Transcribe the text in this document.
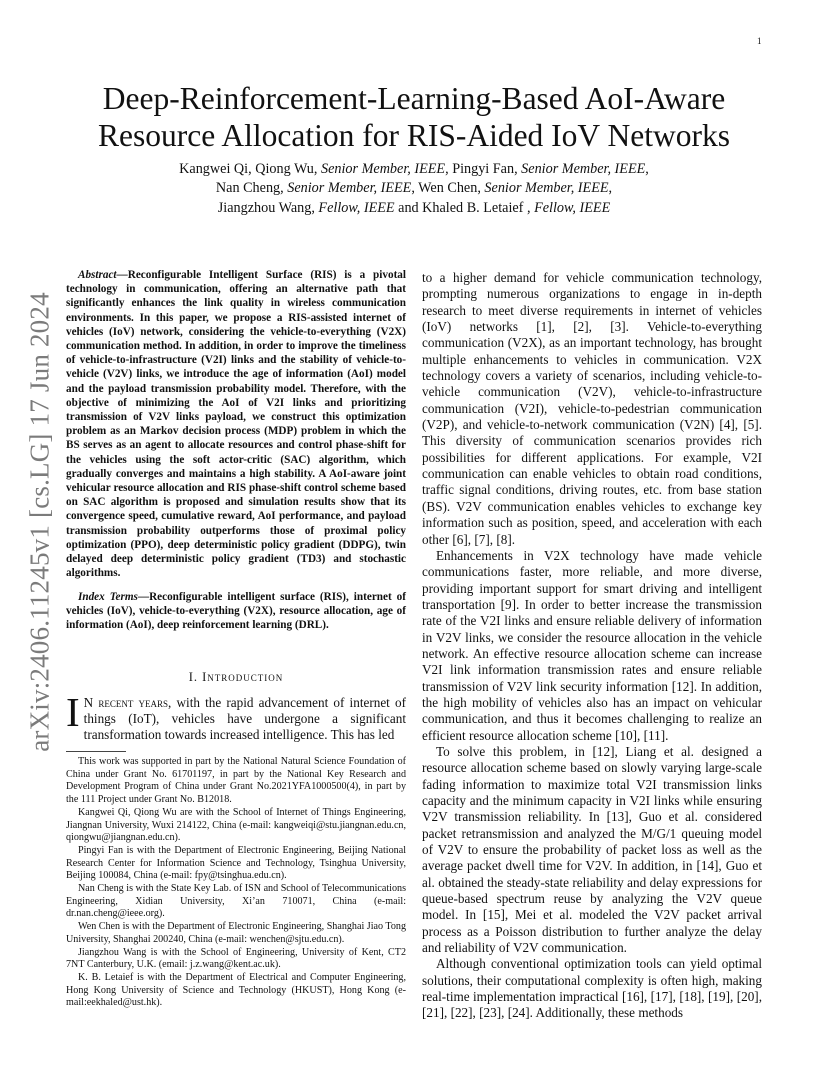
1
arXiv:2406.11245v1 [cs.LG] 17 Jun 2024
Deep-Reinforcement-Learning-Based AoI-Aware Resource Allocation for RIS-Aided IoV Networks
Kangwei Qi, Qiong Wu, Senior Member, IEEE, Pingyi Fan, Senior Member, IEEE,
Nan Cheng, Senior Member, IEEE, Wen Chen, Senior Member, IEEE,
Jiangzhou Wang, Fellow, IEEE and Khaled B. Letaief , Fellow, IEEE
Abstract—Reconfigurable Intelligent Surface (RIS) is a pivotal technology in communication, offering an alternative path that significantly enhances the link quality in wireless communication environments. In this paper, we propose a RIS-assisted internet of vehicles (IoV) network, considering the vehicle-to-everything (V2X) communication method. In addition, in order to improve the timeliness of vehicle-to-infrastructure (V2I) links and the stability of vehicle-to-vehicle (V2V) links, we introduce the age of information (AoI) model and the payload transmission probability model. Therefore, with the objective of minimizing the AoI of V2I links and prioritizing transmission of V2V links payload, we construct this optimization problem as an Markov decision process (MDP) problem in which the BS serves as an agent to allocate resources and control phase-shift for the vehicles using the soft actor-critic (SAC) algorithm, which gradually converges and maintains a high stability. A AoI-aware joint vehicular resource allocation and RIS phase-shift control scheme based on SAC algorithm is proposed and simulation results show that its convergence speed, cumulative reward, AoI performance, and payload transmission probability outperforms those of proximal policy optimization (PPO), deep deterministic policy gradient (DDPG), twin delayed deep deterministic policy gradient (TD3) and stochastic algorithms.
Index Terms—Reconfigurable intelligent surface (RIS), internet of vehicles (IoV), vehicle-to-everything (V2X), resource allocation, age of information (AoI), deep reinforcement learning (DRL).
I. Introduction
I N recent years, with the rapid advancement of internet of things (IoT), vehicles have undergone a significant transformation towards increased intelligence. This has led

This work was supported in part by the National Natural Science Foundation of China under Grant No. 61701197, in part by the National Key Research and Development Program of China under Grant No.2021YFA1000500(4), in part by the 111 Project under Grant No. B12018.

Kangwei Qi, Qiong Wu are with the School of Internet of Things Engineering, Jiangnan University, Wuxi 214122, China (e-mail: kangweiqi@stu.jiangnan.edu.cn, qiongwu@jiangnan.edu.cn).

Pingyi Fan is with the Department of Electronic Engineering, Beijing National Research Center for Information Science and Technology, Tsinghua University, Beijing 100084, China (e-mail: fpy@tsinghua.edu.cn).

Nan Cheng is with the State Key Lab. of ISN and School of Telecommunications Engineering, Xidian University, Xi’an 710071, China (e-mail: dr.nan.cheng@ieee.org).

Wen Chen is with the Department of Electronic Engineering, Shanghai Jiao Tong University, Shanghai 200240, China (e-mail: wenchen@sjtu.edu.cn).

Jiangzhou Wang is with the School of Engineering, University of Kent, CT2 7NT Canterbury, U.K. (email: j.z.wang@kent.ac.uk).

K. B. Letaief is with the Department of Electrical and Computer Engineering, Hong Kong University of Science and Technology (HKUST), Hong Kong (e-mail:eekhaled@ust.hk).

to a higher demand for vehicle communication technology, prompting numerous organizations to engage in in-depth research to meet diverse requirements in internet of vehicles (IoV) networks [1], [2], [3]. Vehicle-to-everything communication (V2X), as an important technology, has brought multiple enhancements to vehicles in communication. V2X technology covers a variety of scenarios, including vehicle-to-vehicle communication (V2V), vehicle-to-infrastructure communication (V2I), vehicle-to-pedestrian communication (V2P), and vehicle-to-network communication (V2N) [4], [5]. This diversity of communication scenarios provides rich possibilities for different applications. For example, V2I communication can enable vehicles to obtain road conditions, traffic signal conditions, driving routes, etc. from base station (BS). V2V communication enables vehicles to exchange key information such as position, speed, and acceleration with each other [6], [7], [8].

Enhancements in V2X technology have made vehicle communications faster, more reliable, and more diverse, providing important support for smart driving and intelligent transportation [9]. In order to better increase the transmission rate of the V2I links and ensure reliable delivery of information in V2V links, we consider the resource allocation in the vehicle network. An effective resource allocation scheme can increase V2I link information transmission rates and ensure reliable transmission of V2V link security information [12]. In addition, the high mobility of vehicles also has an impact on vehicular communication, and thus it becomes challenging to realize an efficient resource allocation scheme [10], [11].

To solve this problem, in [12], Liang et al. designed a resource allocation scheme based on slowly varying large-scale fading information to maximize total V2I transmission links capacity and the minimum capacity in V2I links while ensuring V2V transmission reliability. In [13], Guo et al. considered packet retransmission and analyzed the M/G/1 queuing model of V2V to ensure the probability of packet loss as well as the average packet dwell time for V2V. In addition, in [14], Guo et al. obtained the steady-state reliability and delay expressions for queue-based spectrum reuse by analyzing the V2V queue model. In [15], Mei et al. modeled the V2V packet arrival process as a Poisson distribution to further analyze the delay and reliability of V2V communication.

Although conventional optimization tools can yield optimal solutions, their computational complexity is often high, making real-time implementation impractical [16], [17], [18], [19], [20], [21], [22], [23], [24]. Additionally, these methods
